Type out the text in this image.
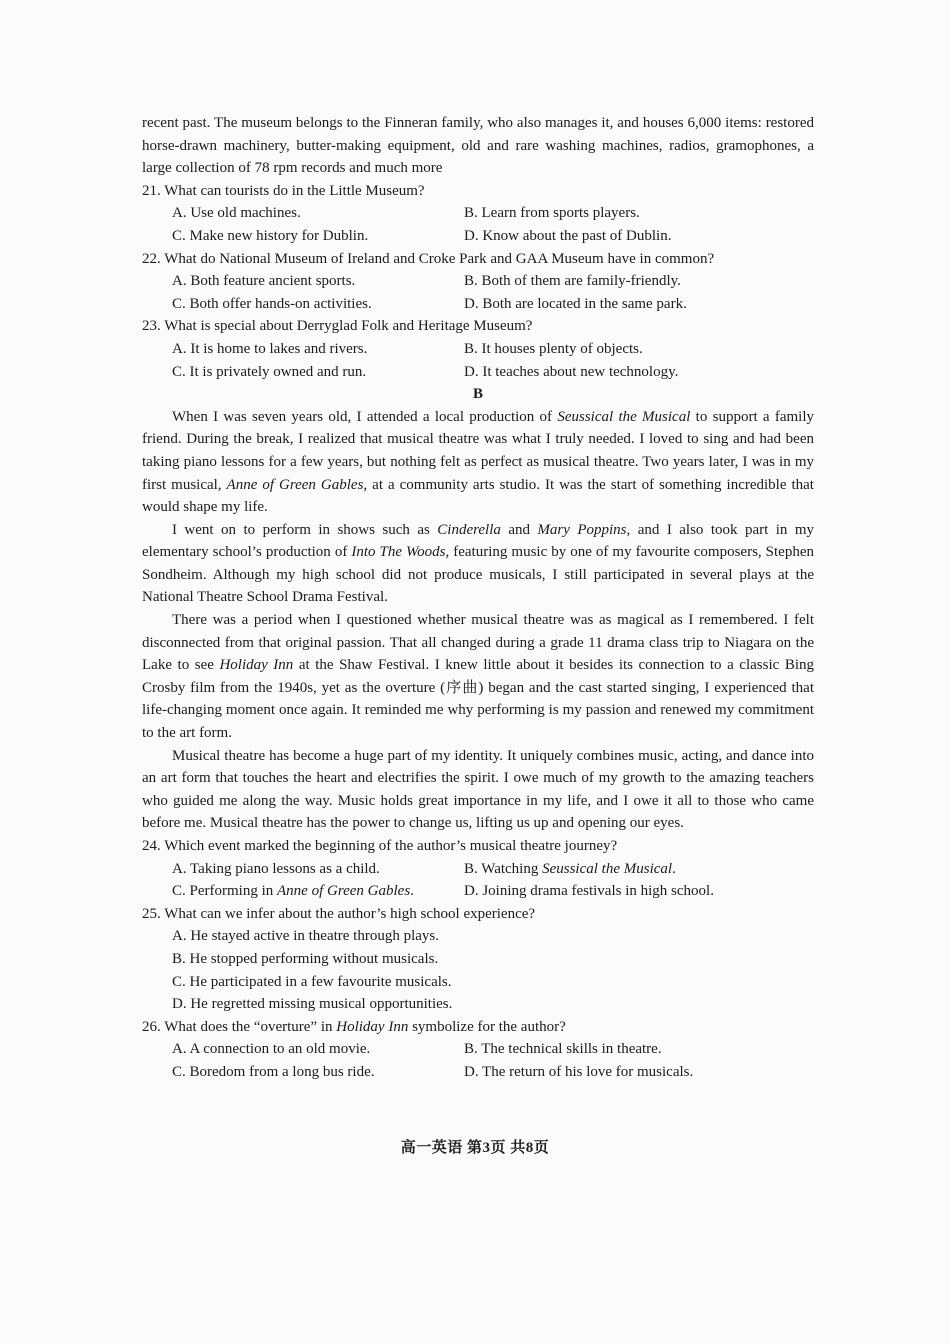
recent past. The museum belongs to the Finneran family, who also manages it, and houses 6,000 items: restored horse-drawn machinery, butter-making equipment, old and rare washing machines, radios, gramophones, a large collection of 78 rpm records and much more

21. What can tourists do in the Little Museum?

A. Use old machines.	B. Learn from sports players.
C. Make new history for Dublin.	D. Know about the past of Dublin.

22. What do National Museum of Ireland and Croke Park and GAA Museum have in common?

A. Both feature ancient sports.	B. Both of them are family-friendly.
C. Both offer hands-on activities.	D. Both are located in the same park.

23. What is special about Derryglad Folk and Heritage Museum?

A. It is home to lakes and rivers.	B. It houses plenty of objects.
C. It is privately owned and run.	D. It teaches about new technology.

B

When I was seven years old, I attended a local production of Seussical the Musical to support a family friend. During the break, I realized that musical theatre was what I truly needed. I loved to sing and had been taking piano lessons for a few years, but nothing felt as perfect as musical theatre. Two years later, I was in my first musical, Anne of Green Gables, at a community arts studio. It was the start of something incredible that would shape my life.

I went on to perform in shows such as Cinderella and Mary Poppins, and I also took part in my elementary school’s production of Into The Woods, featuring music by one of my favourite composers, Stephen Sondheim. Although my high school did not produce musicals, I still participated in several plays at the National Theatre School Drama Festival.

There was a period when I questioned whether musical theatre was as magical as I remembered. I felt disconnected from that original passion. That all changed during a grade 11 drama class trip to Niagara on the Lake to see Holiday Inn at the Shaw Festival. I knew little about it besides its connection to a classic Bing Crosby film from the 1940s, yet as the overture (序曲) began and the cast started singing, I experienced that life-changing moment once again. It reminded me why performing is my passion and renewed my commitment to the art form.

Musical theatre has become a huge part of my identity. It uniquely combines music, acting, and dance into an art form that touches the heart and electrifies the spirit. I owe much of my growth to the amazing teachers who guided me along the way. Music holds great importance in my life, and I owe it all to those who came before me. Musical theatre has the power to change us, lifting us up and opening our eyes.

24. Which event marked the beginning of the author’s musical theatre journey?

A. Taking piano lessons as a child.	B. Watching Seussical the Musical.
C. Performing in Anne of Green Gables.	D. Joining drama festivals in high school.

25. What can we infer about the author’s high school experience?

A. He stayed active in theatre through plays.
B. He stopped performing without musicals.
C. He participated in a few favourite musicals.
D. He regretted missing musical opportunities.

26. What does the “overture” in Holiday Inn symbolize for the author?

A. A connection to an old movie.	B. The technical skills in theatre.
C. Boredom from a long bus ride.	D. The return of his love for musicals.
高一英语 第3页 共8页
